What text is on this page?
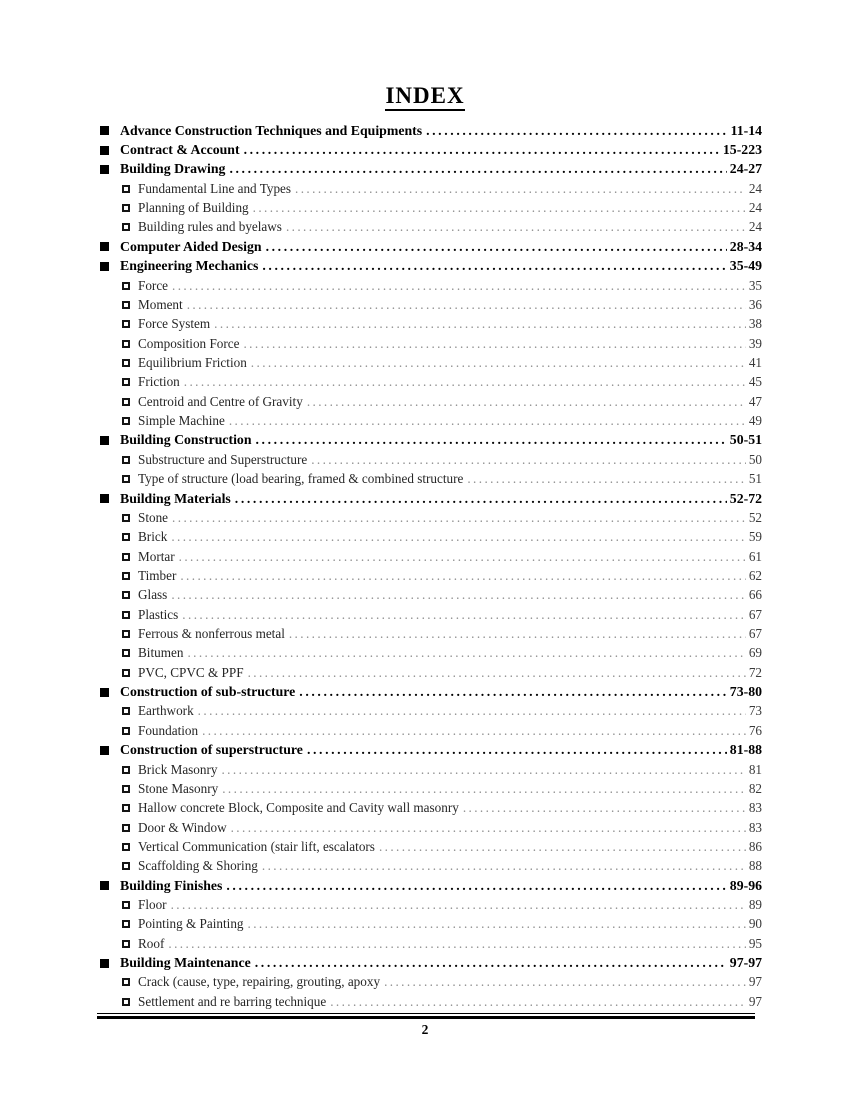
INDEX
Advance Construction Techniques and Equipments .....	11-14
Contract & Account .....	15-223
Building Drawing .....	24-27
Fundamental Line and Types .....	24
Planning of Building .....	24
Building rules and byelaws .....	24
Computer Aided Design .....	28-34
Engineering Mechanics .....	35-49
Force .....	35
Moment .....	36
Force System .....	38
Composition Force .....	39
Equilibrium Friction .....	41
Friction .....	45
Centroid and Centre of Gravity .....	47
Simple Machine .....	49
Building Construction .....	50-51
Substructure and Superstructure .....	50
Type of structure (load bearing, framed & combined structure .....	51
Building Materials .....	52-72
Stone .....	52
Brick .....	59
Mortar .....	61
Timber .....	62
Glass .....	66
Plastics .....	67
Ferrous & nonferrous metal .....	67
Bitumen .....	69
PVC, CPVC & PPF .....	72
Construction of sub-structure .....	73-80
Earthwork .....	73
Foundation .....	76
Construction of superstructure .....	81-88
Brick Masonry .....	81
Stone Masonry .....	82
Hallow concrete Block, Composite and Cavity wall masonry .....	83
Door & Window .....	83
Vertical Communication (stair lift, escalators .....	86
Scaffolding & Shoring .....	88
Building Finishes .....	89-96
Floor .....	89
Pointing & Painting .....	90
Roof .....	95
Building Maintenance .....	97-97
Crack (cause, type, repairing, grouting, apoxy .....	97
Settlement and re barring technique .....	97
2
